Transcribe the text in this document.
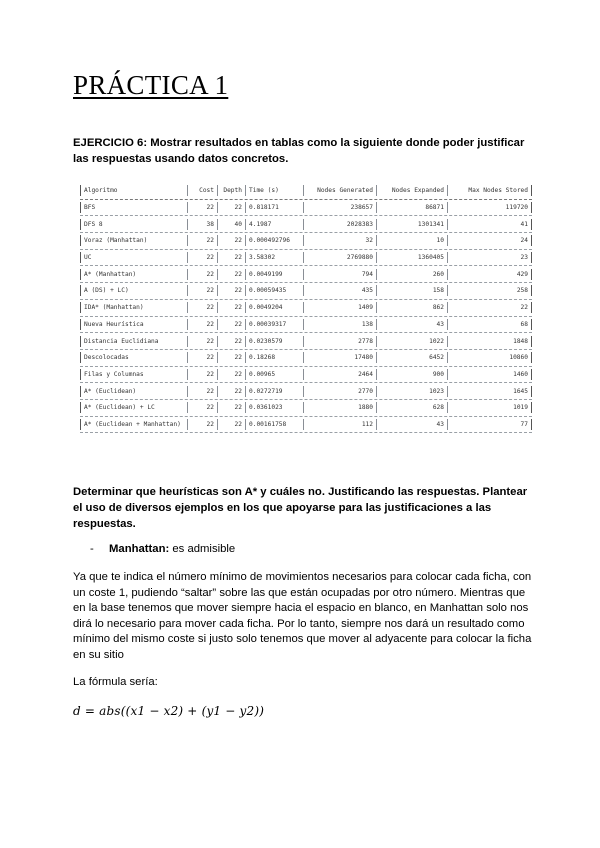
PRÁCTICA 1
EJERCICIO 6: Mostrar resultados en tablas como la siguiente donde poder justificar las respuestas usando datos concretos.
Algoritmo	Cost	Depth	Time (s)	Nodes Generated	Nodes Expanded	Max Nodes Stored
BFS	22	22	0.818171	238657	86871	119720
DFS 8	38	40	4.1987	2028383	1301341	41
Voraz (Manhattan)	22	22	0.000492796	32	10	24
UC	22	22	3.58302	2769880	1360405	23
A* (Manhattan)	22	22	0.0049199	794	260	429
A (DS) + LC)	22	22	0.00059435	435	158	258
IDA* (Manhattan)	22	22	0.0049204	1409	862	22
Nueva Heurística	22	22	0.00039317	138	43	68
Distancia Euclidiana	22	22	0.0230579	2778	1022	1848
Descolocadas	22	22	0.18268	17480	6452	10860
Filas y Columnas	22	22	0.00965	2464	900	1460
A* (Euclidean)	22	22	0.0272719	2770	1023	1645
A* (Euclidean) + LC	22	22	0.0361023	1880	628	1019
A* (Euclidean + Manhattan)	22	22	0.00161758	112	43	77
Determinar que heurísticas son A* y cuáles no. Justificando las respuestas. Plantear el uso de diversos ejemplos en los que apoyarse para las justificaciones a las respuestas.
- Manhattan: es admisible
Ya que te indica el número mínimo de movimientos necesarios para colocar cada ficha, con un coste 1, pudiendo “saltar” sobre las que están ocupadas por otro número. Mientras que en la base tenemos que mover siempre hacia el espacio en blanco, en Manhattan solo nos dirá lo necesario para mover cada ficha. Por lo tanto, siempre nos dará un resultado como mínimo del mismo coste si justo solo tenemos que mover al adyacente para colocar la ficha en su sitio
La fórmula sería:
d = abs((x1 − x2) + (y1 − y2))
